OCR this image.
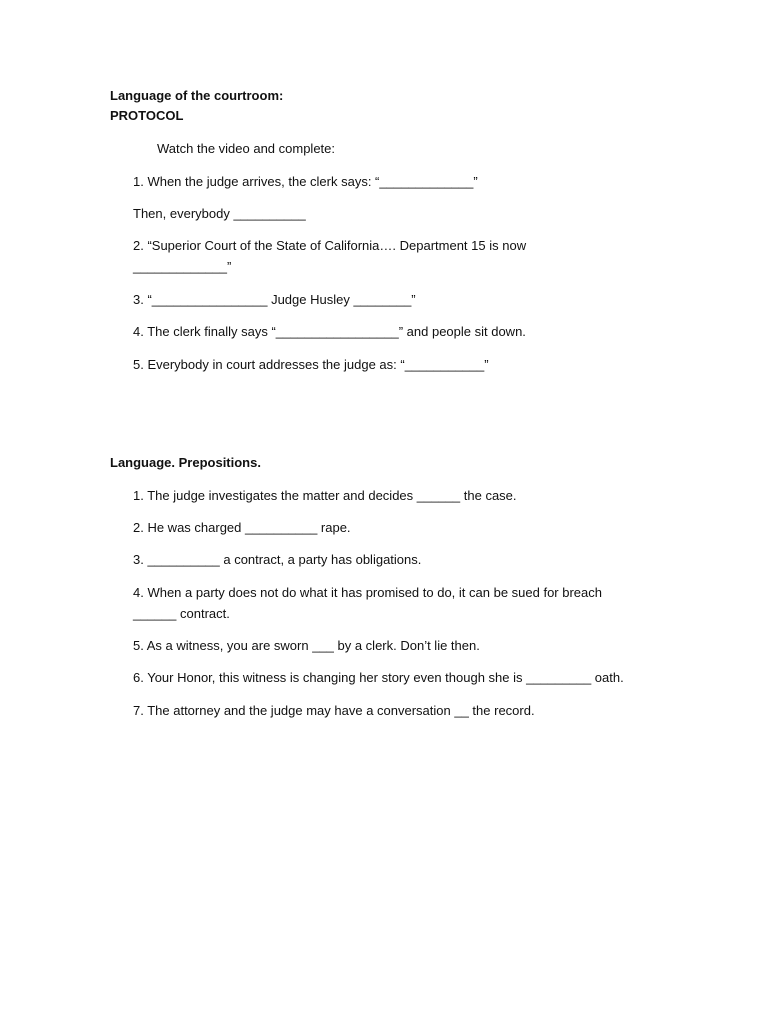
Language of the courtroom:
PROTOCOL
Watch the video and complete:
1. When the judge arrives, the clerk says: “_____________”
Then, everybody __________
2. “Superior Court of the State of California…. Department 15 is now
_____________”
3. “________________ Judge Husley ________”
4. The clerk finally says “_________________” and people sit down.
5. Everybody in court addresses the judge as: “___________”
Language. Prepositions.
1. The judge investigates the matter and decides ______ the case.
2. He was charged __________ rape.
3. __________ a contract, a party has obligations.
4. When a party does not do what it has promised to do, it can be sued for breach
______ contract.
5. As a witness, you are sworn ___ by a clerk. Don’t lie then.
6. Your Honor, this witness is changing her story even though she is _________ oath.
7. The attorney and the judge may have a conversation __ the record.
